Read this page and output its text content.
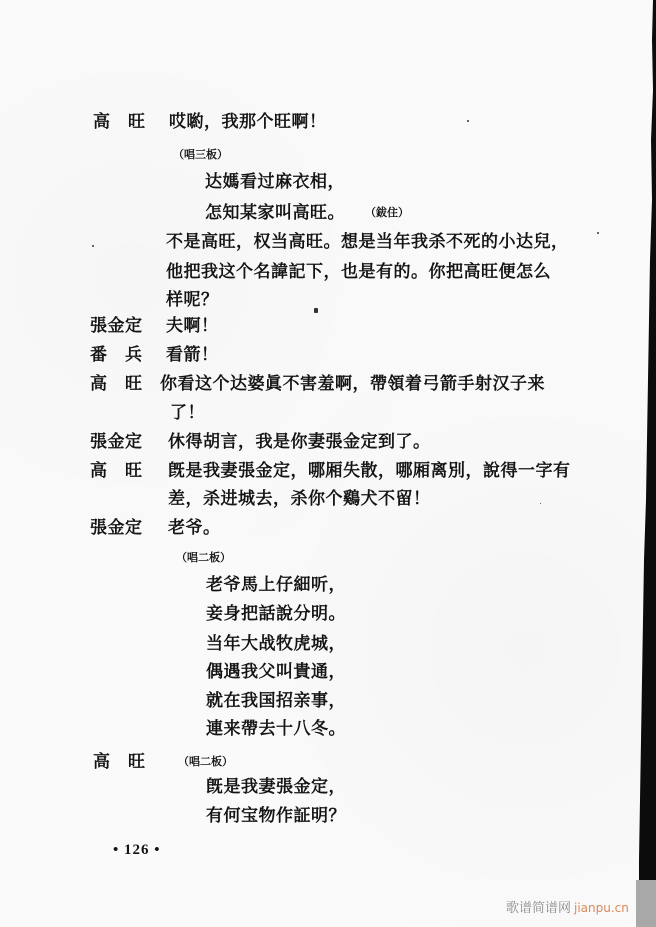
高　旺 哎喲，我那个旺啊！
（唱三板）
达媽看过麻衣相，
怎知某家叫高旺。 （鈸住）
不是高旺，权当高旺。想是当年我杀不死的小达兒，
他把我这个名諱記下，也是有的。你把高旺便怎么
样呢？
張金定 夫啊！
番　兵 看箭！
高　旺 你看这个达婆眞不害羞啊，帶領着弓箭手射汉子来
了！
張金定 休得胡言，我是你妻張金定到了。
高　旺 旣是我妻張金定，哪厢失散，哪厢离別，說得一字有
差，杀进城去，杀你个鷄犬不留！
張金定 老爷。
（唱二板）
老爷馬上仔細听，
妾身把話說分明。
当年大战牧虎城，
偶遇我父叫貴通，
就在我国招亲事，
連来帶去十八冬。
高　旺	（唱二板）
旣是我妻張金定，
有何宝物作証明？
• 126 •
歌谱简谱网 jianpu.cn
